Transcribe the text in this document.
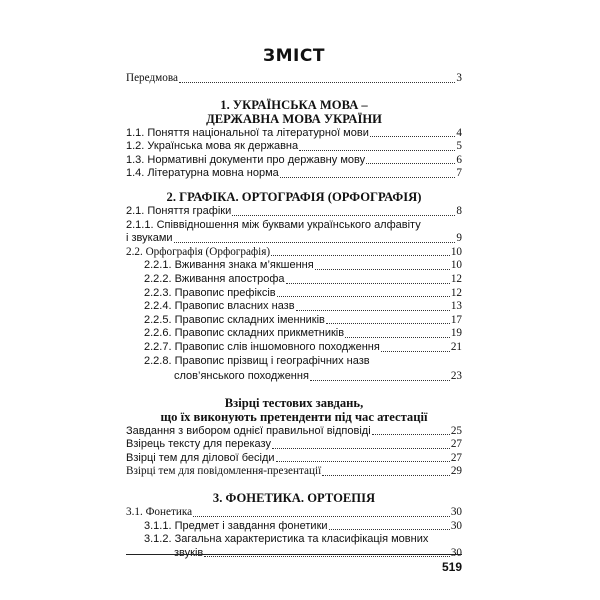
ЗМІСТ
Передмова	3
1. УКРАЇНСЬКА МОВА –
ДЕРЖАВНА МОВА УКРАЇНИ
1.1. Поняття національної та літературної мови	4
1.2. Українська мова як державна	5
1.3. Нормативні документи про державну мову	6
1.4. Літературна мовна норма	7
2. ГРАФІКА. ОРТОГРАФІЯ (ОРФОГРАФІЯ)
2.1. Поняття графіки	8
2.1.1. Співвідношення між буквами українського алфавіту
і звуками	9
2.2. Орфографія (Орфографія)	10
2.2.1. Вживання знака м’якшення	10
2.2.2. Вживання апострофа	12
2.2.3. Правопис префіксів	12
2.2.4. Правопис власних назв	13
2.2.5. Правопис складних іменників	17
2.2.6. Правопис складних прикметників	19
2.2.7. Правопис слів іншомовного походження	21
2.2.8. Правопис прізвищ і географічних назв
слов’янського походження	23
Взірці тестових завдань,
що їх виконують претенденти під час атестації
Завдання з вибором однієї правильної відповіді	25
Взірець тексту для переказу	27
Взірці тем для ділової бесіди	27
Взірці тем для повідомлення-презентації	29
3. ФОНЕТИКА. ОРТОЕПІЯ
3.1. Фонетика	30
3.1.1. Предмет і завдання фонетики	30
3.1.2. Загальна характеристика та класифікація мовних
звуків	30
519
